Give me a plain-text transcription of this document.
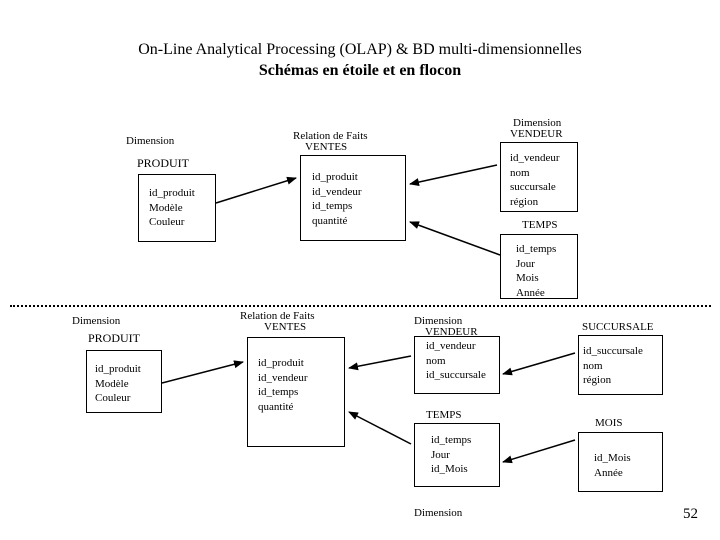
On-Line Analytical Processing (OLAP) & BD multi-dimensionnelles
Schémas en étoile et en flocon
Dimension
PRODUIT
id_produit
Modèle
Couleur
Relation de Faits
VENTES
id_produit
id_vendeur
id_temps
quantité
Dimension
VENDEUR
id_vendeur
nom
succursale
région
TEMPS
id_temps
Jour
Mois
Année
Dimension
PRODUIT
id_produit
Modèle
Couleur
Relation de Faits
VENTES
id_produit
id_vendeur
id_temps
quantité
Dimension
VENDEUR
id_vendeur
nom
id_succursale
SUCCURSALE
id_succursale
nom
région
TEMPS
id_temps
Jour
id_Mois
MOIS
id_Mois
Année
Dimension	52
